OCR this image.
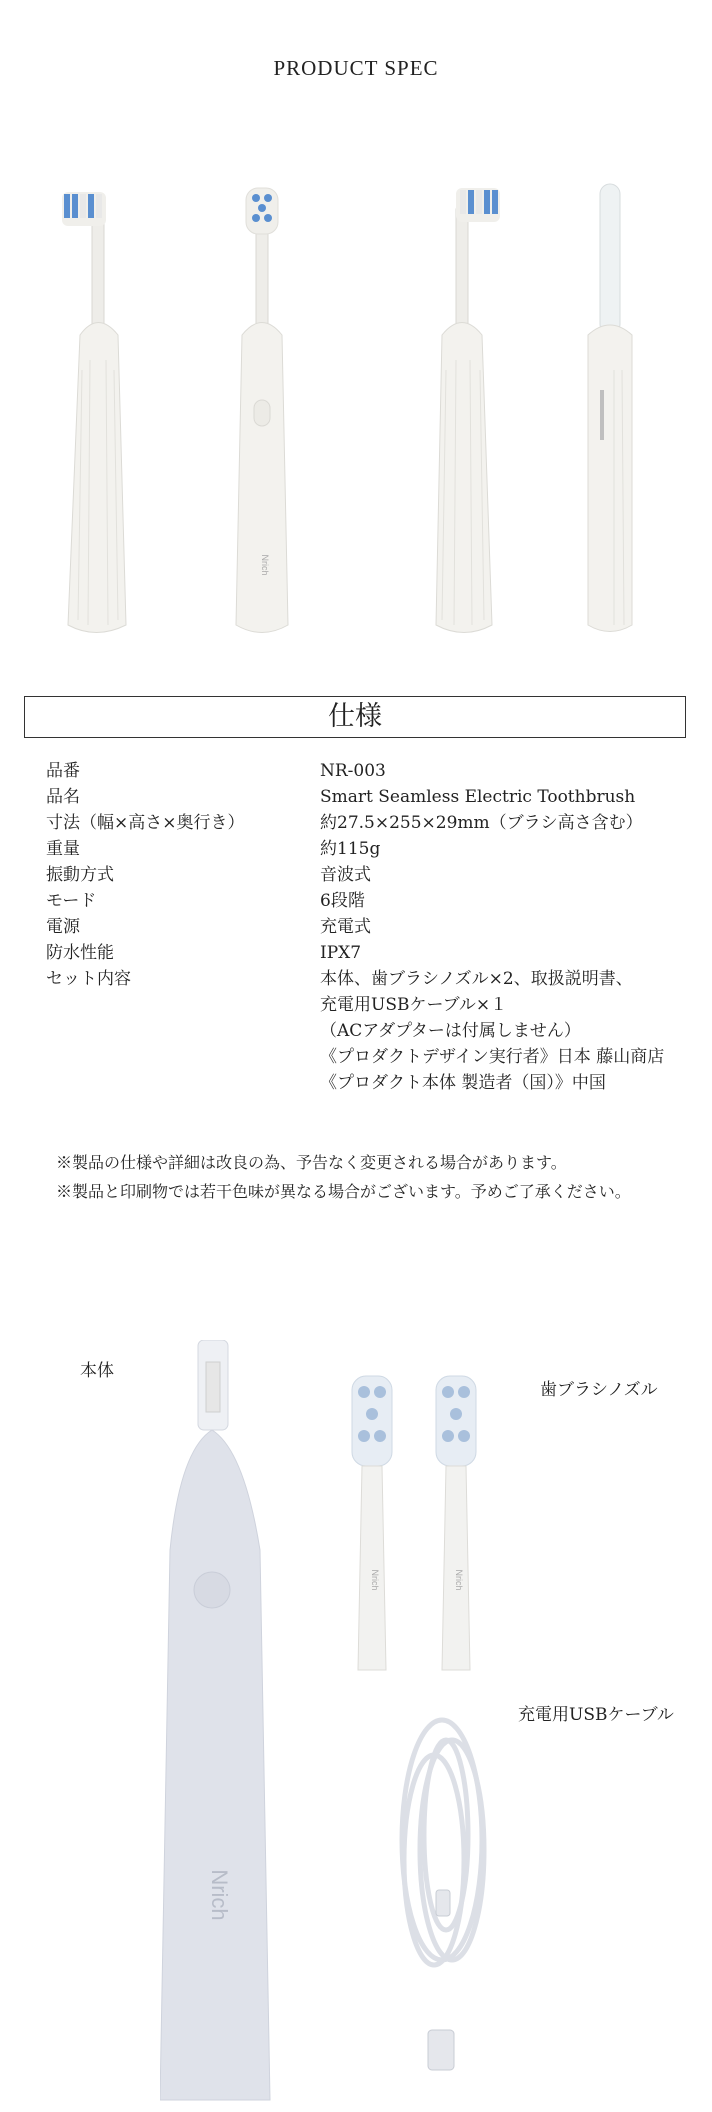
PRODUCT SPEC
Nrich
仕様
品番	NR-003
品名	Smart Seamless Electric Toothbrush
寸法（幅×高さ×奥行き）	約27.5×255×29mm（ブラシ高さ含む）
重量	約115g
振動方式	音波式
モード	6段階
電源	充電式
防水性能	IPX7
セット内容	本体、歯ブラシノズル×2、取扱説明書、
充電用USBケーブル×１
（ACアダプターは付属しません）
《プロダクトデザイン実行者》日本 藤山商店
《プロダクト本体 製造者（国）》中国
※製品の仕様や詳細は改良の為、予告なく変更される場合があります。
※製品と印刷物では若干色味が異なる場合がございます。予めご了承ください。
本体
歯ブラシノズル
充電用USBケーブル
Nrich
Nrich	Nrich
